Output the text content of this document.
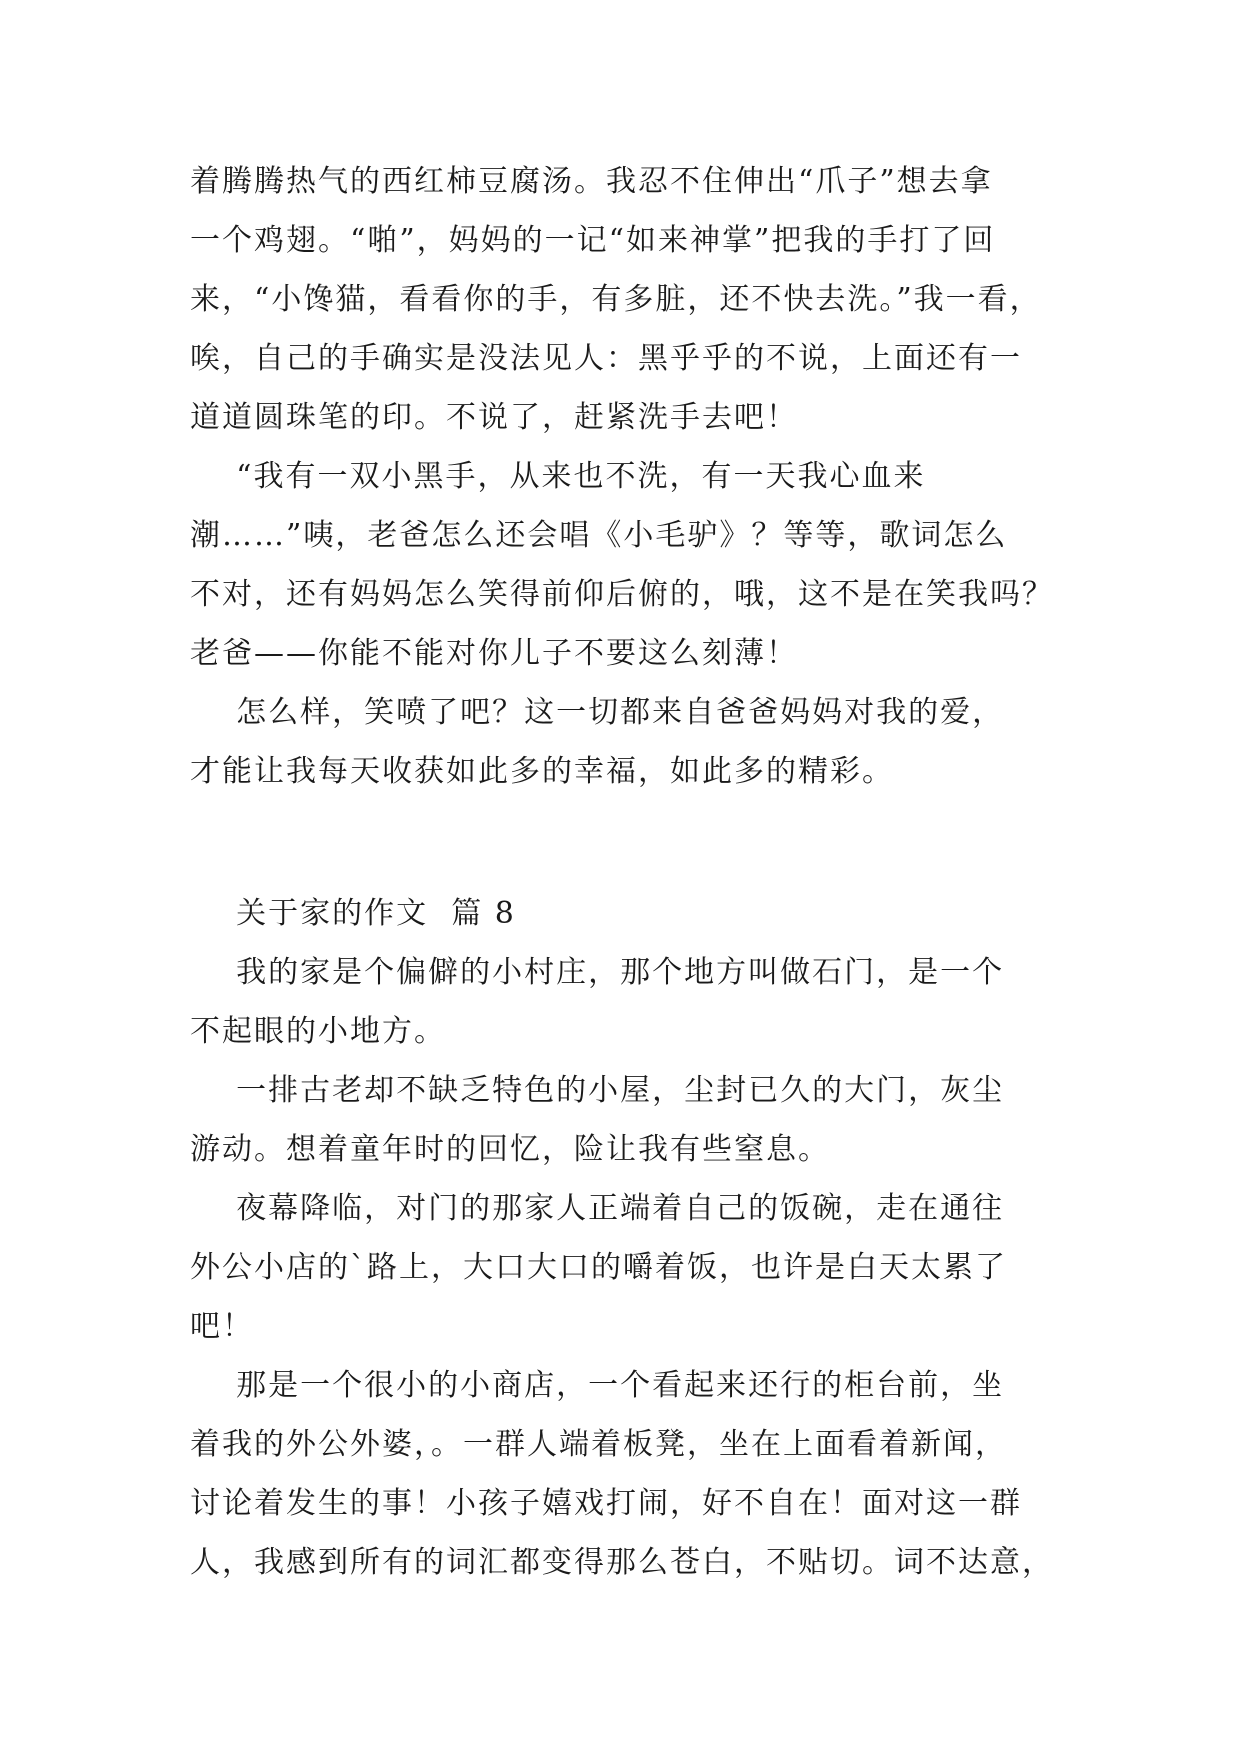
着腾腾热气的西红柿豆腐汤。我忍不住伸出“爪子”想去拿
一个鸡翅。“啪”，妈妈的一记“如来神掌”把我的手打了回
来，“小馋猫，看看你的手，有多脏，还不快去洗。”我一看，
唉，自己的手确实是没法见人：黑乎乎的不说，上面还有一
道道圆珠笔的印。不说了，赶紧洗手去吧！
“我有一双小黑手，从来也不洗，有一天我心血来
潮……”咦，老爸怎么还会唱《小毛驴》？等等，歌词怎么
不对，还有妈妈怎么笑得前仰后俯的，哦，这不是在笑我吗？
老爸——你能不能对你儿子不要这么刻薄！
怎么样，笑喷了吧？这一切都来自爸爸妈妈对我的爱，
才能让我每天收获如此多的幸福，如此多的精彩。
关于家的作文  篇 8
我的家是个偏僻的小村庄，那个地方叫做石门，是一个
不起眼的小地方。
一排古老却不缺乏特色的小屋，尘封已久的大门，灰尘
游动。想着童年时的回忆，险让我有些窒息。
夜幕降临，对门的那家人正端着自己的饭碗，走在通往
外公小店的`路上，大口大口的嚼着饭，也许是白天太累了
吧！
那是一个很小的小商店，一个看起来还行的柜台前，坐
着我的外公外婆，。一群人端着板凳，坐在上面看着新闻，
讨论着发生的事！小孩子嬉戏打闹，好不自在！面对这一群
人，我感到所有的词汇都变得那么苍白，不贴切。词不达意，
